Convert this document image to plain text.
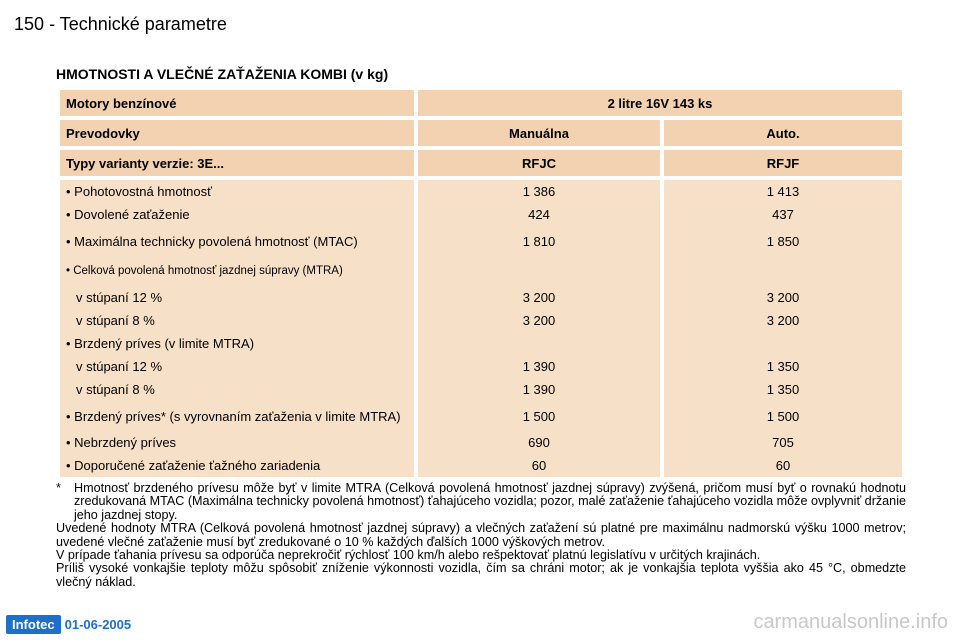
150 - Technické parametre
HMOTNOSTI A VLEČNÉ ZAŤAŽENIA KOMBI (v kg)
Motory benzínové	2 litre 16V 143 ks	

Prevodovky	Manuálna	Auto.

Typy varianty verzie: 3E...	RFJC	RFJF

• Pohotovostná hmotnosť	1 386	1 413
• Dovolené zaťaženie	424	437
• Maximálna technicky povolená hmotnosť (MTAC)	1 810	1 850
• Celková povolená hmotnosť jazdnej súpravy (MTRA)		
v stúpaní 12 %	3 200	3 200
v stúpaní 8 %	3 200	3 200
• Brzdený príves (v limite MTRA)		
v stúpaní 12 %	1 390	1 350
v stúpaní 8 %	1 390	1 350
• Brzdený príves* (s vyrovnaním zaťaženia v limite MTRA)	1 500	1 500
• Nebrzdený príves	690	705
• Doporučené zaťaženie ťažného zariadenia	60	60
*	Hmotnosť brzdeného prívesu môže byť v limite MTRA (Celková povolená hmotnosť jazdnej súpravy) zvýšená, pričom musí byť o rovnakú hodnotu zredukovaná MTAC (Maximálna technicky povolená hmotnosť) ťahajúceho vozidla; pozor, malé zaťaženie ťahajúceho vozidla môže ovplyvniť držanie jeho jazdnej stopy.

Uvedené hodnoty MTRA (Celková povolená hmotnosť jazdnej súpravy) a vlečných zaťažení sú platné pre maximálnu nadmorskú výšku 1000 metrov; uvedené vlečné zaťaženie musí byť zredukované o 10 % každých ďalších 1000 výškových metrov.

V prípade ťahania prívesu sa odporúča neprekročiť rýchlosť 100 km/h alebo rešpektovať platnú legislatívu v určitých krajinách.

Príliš vysoké vonkajšie teploty môžu spôsobiť zníženie výkonnosti vozidla, čím sa chráni motor; ak je vonkajšia teplota vyššia ako 45 °C, obmedzte vlečný náklad.

Infotec 01-06-2005	carmanualsonline.info
